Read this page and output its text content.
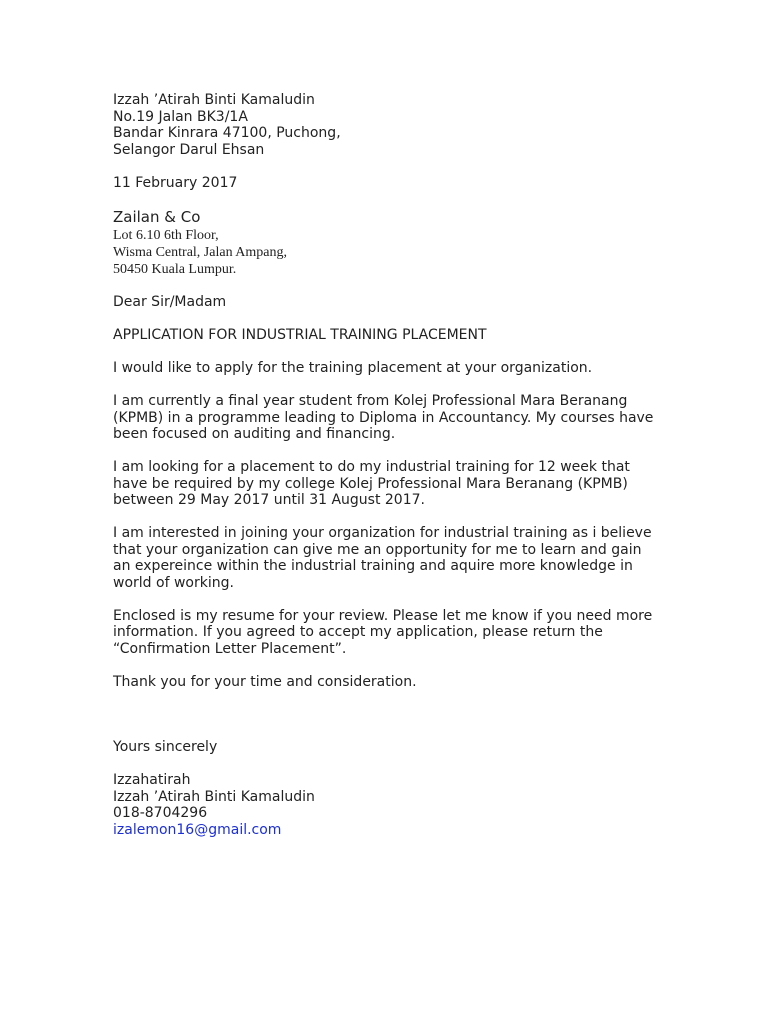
Izzah ’Atirah Binti Kamaludin
No.19 Jalan BK3/1A
Bandar Kinrara 47100, Puchong,
Selangor Darul Ehsan
11 February 2017
Zailan & Co
Lot 6.10 6th Floor,
Wisma Central, Jalan Ampang,
50450 Kuala Lumpur.
Dear Sir/Madam
APPLICATION FOR INDUSTRIAL TRAINING PLACEMENT
I would like to apply for the training placement at your organization.
I am currently a final year student from Kolej Professional Mara Beranang
(KPMB) in a programme leading to Diploma in Accountancy. My courses have
been focused on auditing and financing.
I am looking for a placement to do my industrial training for 12 week that
have be required by my college Kolej Professional Mara Beranang (KPMB)
between 29 May 2017 until 31 August 2017.
I am interested in joining your organization for industrial training as i believe
that your organization can give me an opportunity for me to learn and gain
an expereince within the industrial training and aquire more knowledge in
world of working.
Enclosed is my resume for your review. Please let me know if you need more
information. If you agreed to accept my application, please return the
“Confirmation Letter Placement”.
Thank you for your time and consideration.
Yours sincerely
Izzahatirah
Izzah ’Atirah Binti Kamaludin
018-8704296
izalemon16@gmail.com
